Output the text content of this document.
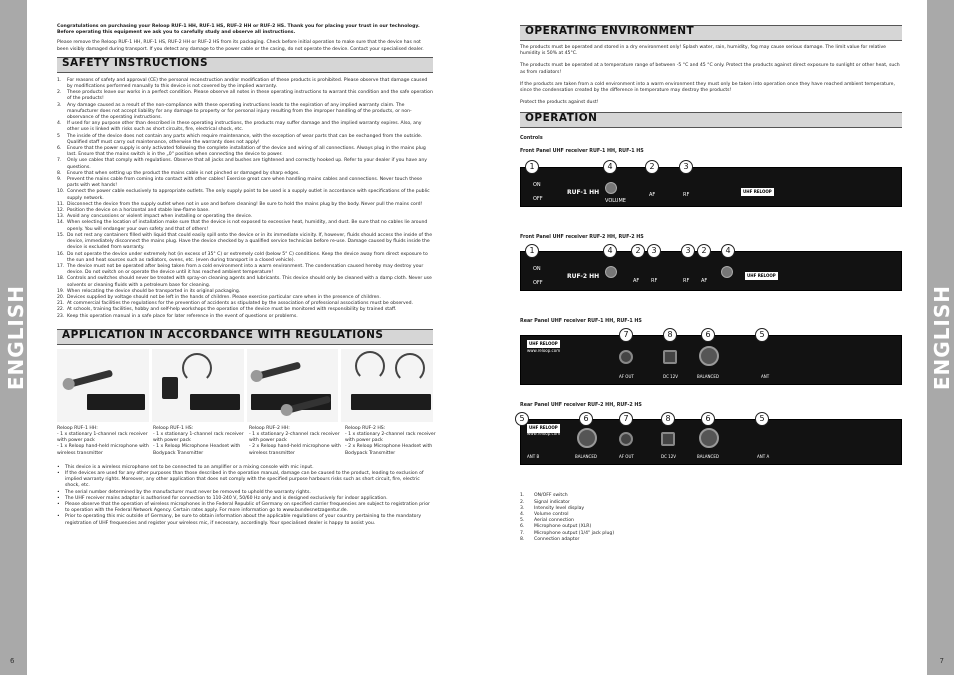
ENGLISH	ENGLISH
6	7

Congratulations on purchasing your Reloop RUF-1 HH, RUF-1 HS, RUF-2 HH or RUF-2 HS. Thank you for placing your trust in our technology. Before operating this equipment we ask you to carefully study and observe all instructions.

Please remove the Reloop RUF-1 HH, RUF-1 HS, RUF-2 HH or RUF-2 HS from its packaging. Check before initial operation to make sure that the device has not been visibly damaged during transport. If you detect any damage to the power cable or the casing, do not operate the device. Contact your specialised dealer.

SAFETY INSTRUCTIONS
1. For reasons of safety and approval (CE) the personal reconstruction and/or modification of these products is prohibited. Please observe that damage caused by modifications performed manually to this device is not covered by the implied warranty.
2. These products leave our works in a perfect condition. Please observe all notes in these operating instructions to warrant this condition and the safe operation of the products!
3. Any damage caused as a result of the non-compliance with these operating instructions leads to the expiration of any implied warranty claim. The manufacturer does not accept liability for any damage to property or for personal injury resulting from the improper handling of the products, or non-observance of the operating instructions.
4. If used for any purpose other than described in these operating instructions, the products may suffer damage and the implied warranty expires. Also, any other use is linked with risks such as short circuits, fire, electrical shock, etc.
5 The inside of the device does not contain any parts which require maintenance, with the exception of wear parts that can be exchanged from the outside. Qualified staff must carry out maintenance, otherwise the warranty does not apply!
6. Ensure that the power supply is only activated following the complete installation of the device and wiring of all connections. Always plug in the mains plug last. Ensure that the mains switch is in the „0" position when connecting the device to power.
7. Only use cables that comply with regulations. Observe that all jacks and bushes are tightened and correctly hooked up. Refer to your dealer if you have any questions.
8. Ensure that when setting up the product the mains cable is not pinched or damaged by sharp edges.
9. Prevent the mains cable from coming into contact with other cables! Exercise great care when handling mains cables and connections. Never touch these parts with wet hands!
10. Connect the power cable exclusively to appropriate outlets. The only supply point to be used is a supply outlet in accordance with specifications of the public supply network.
11. Disconnect the device from the supply outlet when not in use and before cleaning! Be sure to hold the mains plug by the body. Never pull the mains cord!
12. Position the device on a horizontal and stable low-flame base.
13. Avoid any concussions or violent impact when installing or operating the device.
14. When selecting the location of installation make sure that the device is not exposed to excessive heat, humidity, and dust. Be sure that no cables lie around openly. You will endanger your own safety and that of others!
15. Do not rest any containers filled with liquid that could easily spill onto the device or in its immediate vicinity. If, however, fluids should access the inside of the device, immediately disconnect the mains plug. Have the device checked by a qualified service technician before re-use. Damage caused by fluids inside the device is excluded from warranty.
16. Do not operate the device under extremely hot (in excess of 35° C) or extremely cold (below 5° C) conditions. Keep the device away from direct exposure to the sun and heat sources such as radiators, ovens, etc. (even during transport in a closed vehicle).
17. The device must not be operated after being taken from a cold environment into a warm environment. The condensation caused hereby may destroy your device. Do not switch on or operate the device until it has reached ambient temperature!
18. Controls and switches should never be treated with spray-on cleaning agents and lubricants. This device should only be cleaned with a damp cloth. Never use solvents or cleaning fluids with a petroleum base for cleaning.
19. When relocating the device should be transported in its original packaging.
20. Devices supplied by voltage should not be left in the hands of children. Please exercise particular care when in the presence of children.
21. At commercial facilities the regulations for the prevention of accidents as stipulated by the association of professional associations must be observed.
22. At schools, training facilities, hobby and self-help workshops the operation of the device must be monitored with responsibility by trained staff.
23. Keep this operation manual in a safe place for later reference in the event of questions or problems.
APPLICATION IN ACCORDANCE WITH REGULATIONS
Reloop RUF-1 HH:
- 1 x stationary 1-channel rack receiver with power pack
- 1 x Reloop hand-held microphone with wireless transmitter
Reloop RUF-1 HS:
- 1 x stationary 1-channel rack receiver with power pack
- 1 x Reloop Microphone Headset with Bodypack Transmitter
Reloop RUF-2 HH:
- 1 x stationary 2-channel rack receiver with power pack
- 2 x Reloop hand-held microphone with wireless transmitter
Reloop RUF-2 HS:
- 1 x stationary 2-channel rack receiver with power pack
- 2 x Reloop Microphone Headset with Bodypack Transmitter
• This device is a wireless microphone set to be connected to an amplifier or a mixing console with mic input.
• If the devices are used for any other purposes than those described in the operation manual, damage can be caused to the product, leading to exclusion of implied warranty rights. Moreover, any other application that does not comply with the specified purpose harbours risks such as short circuit, fire, electric shock, etc.
• The serial number determined by the manufacturer must never be removed to uphold the warranty rights.
• The UHF receiver mains adaptor is authorised for connection to 110-240 V, 50/60 Hz only and is designed exclusively for indoor application.
• Please observe that the operation of wireless microphones in the Federal Republic of Germany on specified carrier frequencies are subject to registration prior to operation with the Federal Network Agency. Certain rates apply. For more information go to www.bundesnetzagentur.de.
• Prior to operating this mic outside of Germany, be sure to obtain information about the applicable regulations of your country pertaining to the mandatory registration of UHF frequencies and register your wireless mic, if necessary, accordingly. Your specialised dealer is happy to assist you.
OPERATING ENVIRONMENT

The products must be operated and stored in a dry environment only! Splash water, rain, humidity, fog may cause serious damage. The limit value for relative humidity is 50% at 45°C.

The products must be operated at a temperature range of between -5 °C and 45 °C only. Protect the products against direct exposure to sunlight or other heat, such as from radiators!

If the products are taken from a cold environment into a warm environment they must only be taken into operation once they have reached ambient temperature, since the condensation created by the difference in temperature may destroy the products!

Protect the products against dust!

OPERATION
Controls
Front Panel UHF receiver RUF-1 HH, RUF-1 HS
ON
OFF
RUF-1 HH
VOLUME
AF	RF
UHF RELOOP
1	4	2	3
Front Panel UHF receiver RUF-2 HH, RUF-2 HS
ON
OFF
RUF-2 HH
AF RF	RF AF
UHF RELOOP
1	4	2	3	3	2	4
Rear Panel UHF receiver RUF-1 HH, RUF-1 HS
UHF RELOOP
www.reloop.com
AF OUT	DC 12V	BALANCED	ANT
7	8	6	5
Rear Panel UHF receiver RUF-2 HH, RUF-2 HS
UHF RELOOP
www.reloop.com
ANT B	BALANCED	AF OUT	DC 12V	BALANCED	ANT A
5	6	7	8	6	5
1. ON/OFF switch
2. Signal indicator
3. Intensity level display
4. Volume control
5. Aerial connection
6. Microphone output (XLR)
7. Microphone output (1/4" jack plug)
8. Connection adaptor
